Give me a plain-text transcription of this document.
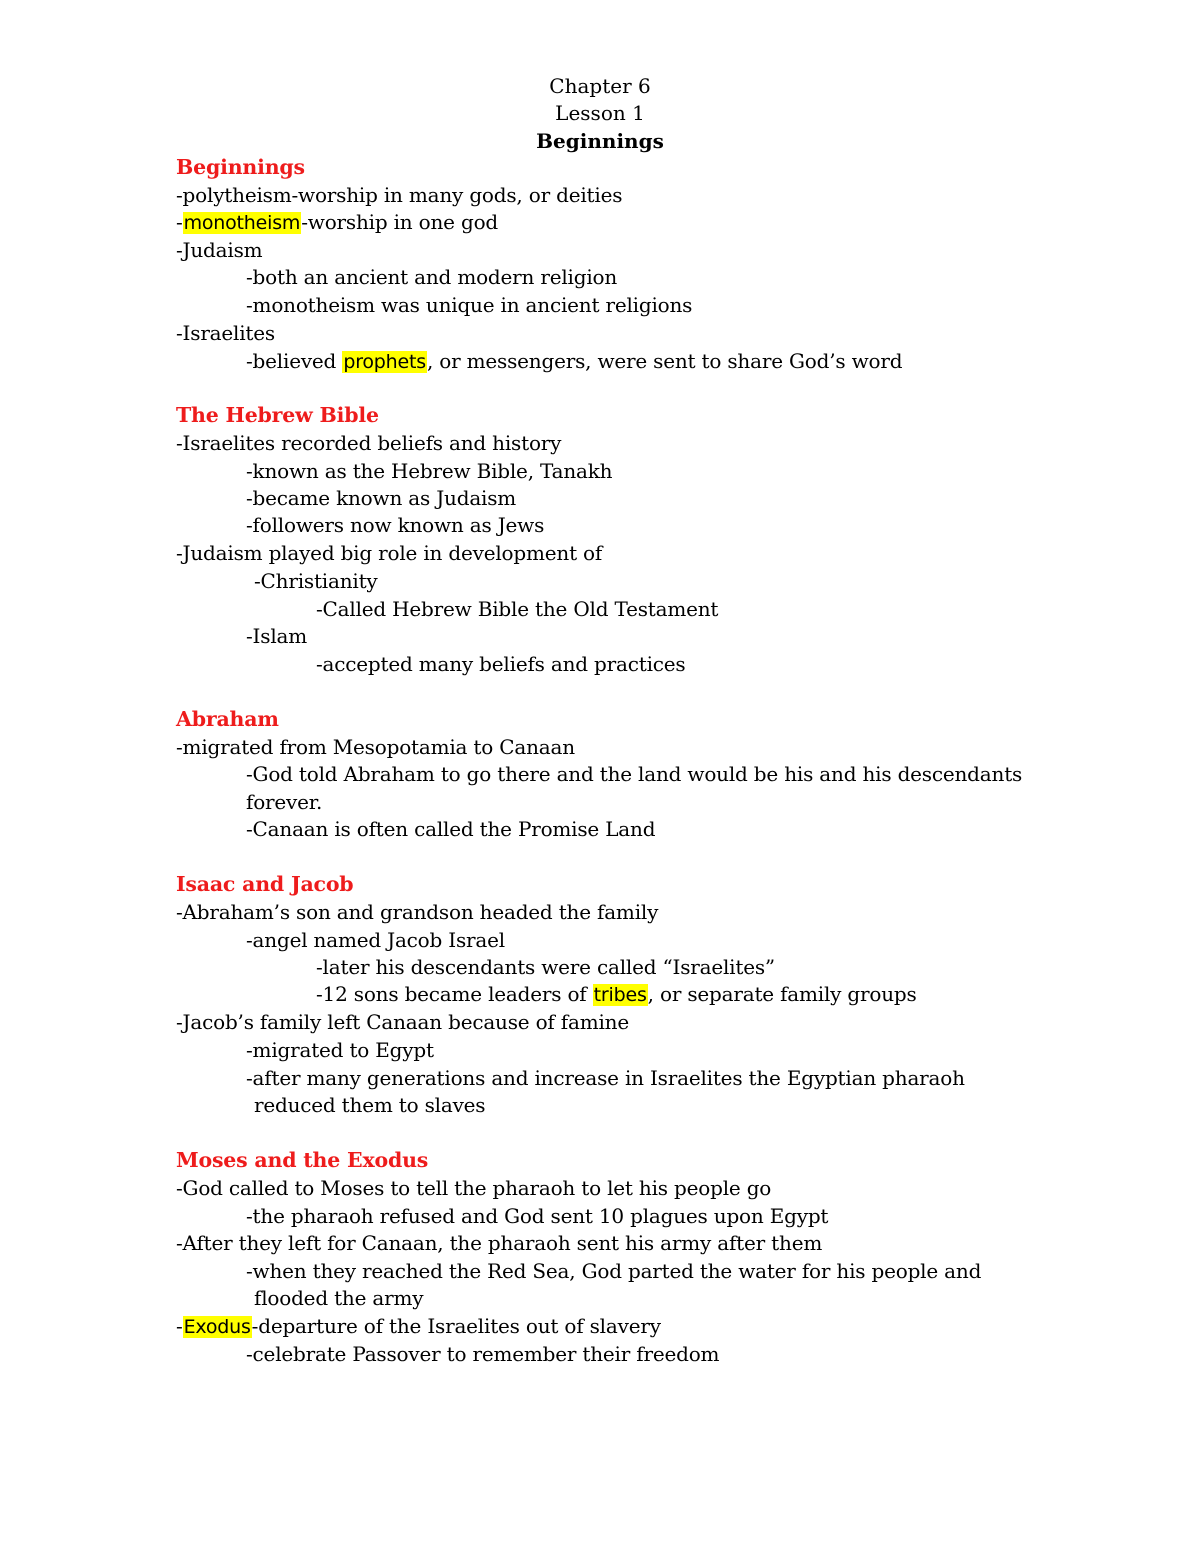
Chapter 6
Lesson 1
Beginnings
Beginnings
-polytheism-worship in many gods, or deities
-monotheism-worship in one god
-Judaism
-both an ancient and modern religion
-monotheism was unique in ancient religions
-Israelites
-believed prophets, or messengers, were sent to share God’s word
The Hebrew Bible
-Israelites recorded beliefs and history
-known as the Hebrew Bible, Tanakh
-became known as Judaism
-followers now known as Jews
-Judaism played big role in development of
-Christianity
-Called Hebrew Bible the Old Testament
-Islam
-accepted many beliefs and practices
Abraham
-migrated from Mesopotamia to Canaan
-God told Abraham to go there and the land would be his and his descendants
forever.
-Canaan is often called the Promise Land
Isaac and Jacob
-Abraham’s son and grandson headed the family
-angel named Jacob Israel
-later his descendants were called “Israelites”
-12 sons became leaders of tribes, or separate family groups
-Jacob’s family left Canaan because of famine
-migrated to Egypt
-after many generations and increase in Israelites the Egyptian pharaoh
reduced them to slaves
Moses and the Exodus
-God called to Moses to tell the pharaoh to let his people go
-the pharaoh refused and God sent 10 plagues upon Egypt
-After they left for Canaan, the pharaoh sent his army after them
-when they reached the Red Sea, God parted the water for his people and
flooded the army
-Exodus-departure of the Israelites out of slavery
-celebrate Passover to remember their freedom
